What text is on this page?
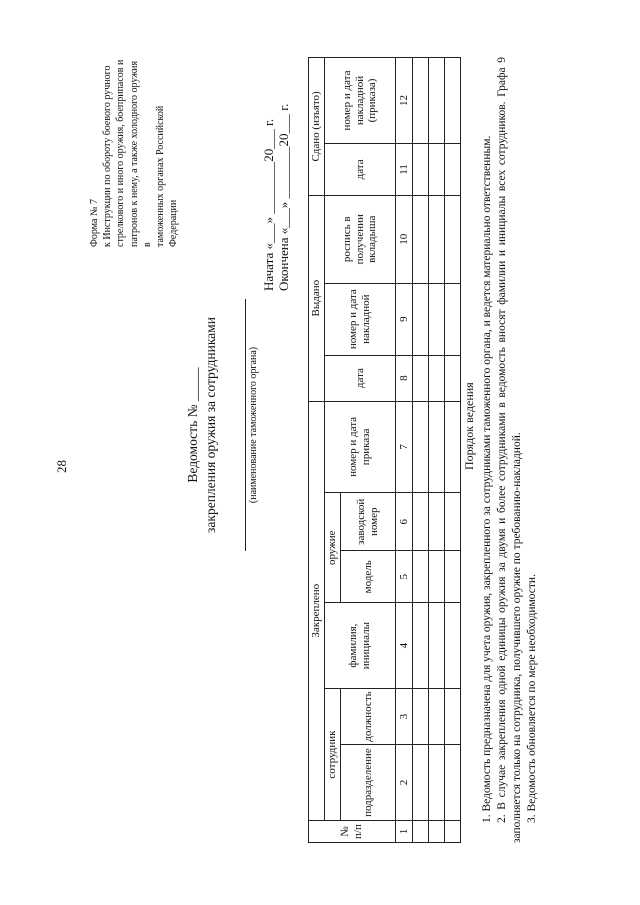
28
Форма № 7 к Инструкции по обороту боевого ручного стрелкового и иного оружия, боеприпасов и патронов к нему, а также холодного оружия в таможенных органах Российской Федерации
Ведомость № _____ закрепления оружия за сотрудниками	(наименование таможенного органа)
Начата «___» ________20___ г. Окончена «___» ________20___ г.
№ п/п	Закреплено						Выдано			Сдано (изъято)	
	сотрудник		фамилия, инициалы	оружие		номер и дата приказа	дата	номер и дата накладной	роспись в получении вкладыша	дата	номер и дата накладной (приказа)
	подразделение	должность		модель	заводской номер						
1	2	3	4	5	6	7	8	9	10	11	12

Порядок ведения 1. Ведомость предназначена для учета оружия, закрепленного за сотрудниками таможенного органа, и ведется материально ответственным. 2. В случае закрепления одной единицы оружия за двумя и более сотрудниками в ведомость вносят фамилии и инициалы всех сотрудников. Графа 9 заполняется только на сотрудника, получившего оружие по требованию-накладной. 3. Ведомость обновляется по мере необходимости.
